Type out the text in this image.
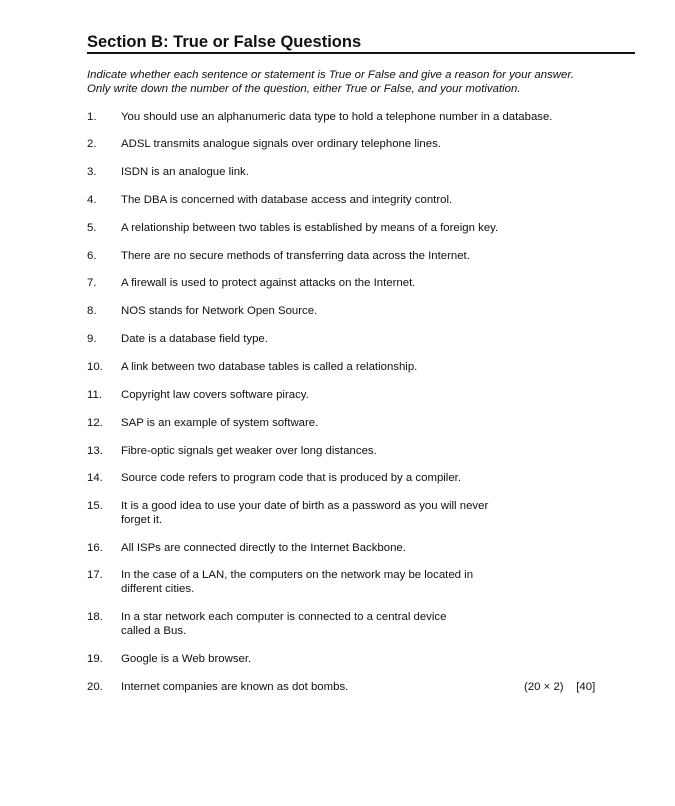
Section B: True or False Questions

Indicate whether each sentence or statement is True or False and give a reason for your answer.
Only write down the number of the question, either True or False, and your motivation.

1.	You should use an alphanumeric data type to hold a telephone number in a database.
2.	ADSL transmits analogue signals over ordinary telephone lines.
3.	ISDN is an analogue link.
4.	The DBA is concerned with database access and integrity control.
5.	A relationship between two tables is established by means of a foreign key.
6.	There are no secure methods of transferring data across the Internet.
7.	A firewall is used to protect against attacks on the Internet.
8.	NOS stands for Network Open Source.
9.	Date is a database field type.
10.	A link between two database tables is called a relationship.
11.	Copyright law covers software piracy.
12.	SAP is an example of system software.
13.	Fibre-optic signals get weaker over long distances.
14.	Source code refers to program code that is produced by a compiler.
15.	It is a good idea to use your date of birth as a password as you will never
forget it.
16.	All ISPs are connected directly to the Internet Backbone.
17.	In the case of a LAN, the computers on the network may be located in
different cities.
18.	In a star network each computer is connected to a central device
called a Bus.
19.	Google is a Web browser.
20.	Internet companies are known as dot bombs.	(20 × 2)    [40]
